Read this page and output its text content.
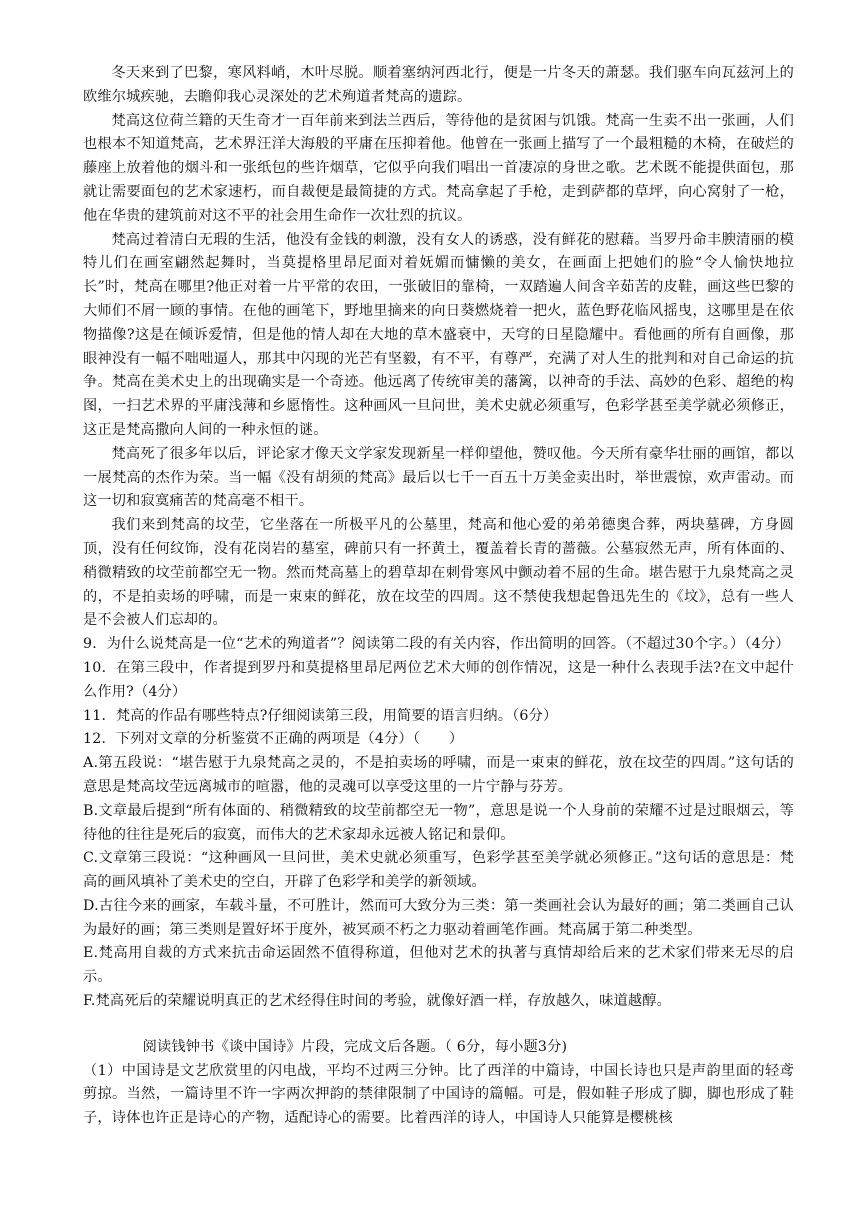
冬天来到了巴黎，寒风料峭，木叶尽脱。顺着塞纳河西北行，便是一片冬天的萧瑟。我们驱车向瓦兹河上的欧维尔城疾驰，去瞻仰我心灵深处的艺术殉道者梵高的遗踪。

梵高这位荷兰籍的天生奇才一百年前来到法兰西后，等待他的是贫困与饥饿。梵高一生卖不出一张画，人们也根本不知道梵高，艺术界汪洋大海般的平庸在压抑着他。他曾在一张画上描写了一个最粗糙的木椅，在破烂的藤座上放着他的烟斗和一张纸包的些许烟草，它似乎向我们唱出一首凄凉的身世之歌。艺术既不能提供面包，那就让需要面包的艺术家速朽，而自裁便是最简捷的方式。梵高拿起了手枪，走到萨都的草坪，向心窝射了一枪，他在华贵的建筑前对这不平的社会用生命作一次壮烈的抗议。

梵高过着清白无瑕的生活，他没有金钱的刺激，没有女人的诱惑，没有鲜花的慰藉。当罗丹命丰腴清丽的模特儿们在画室翩然起舞时，当莫提格里昂尼面对着妩媚而慵懒的美女，在画面上把她们的脸“令人愉快地拉长”时，梵高在哪里?他正对着一片平常的农田，一张破旧的靠椅，一双踏遍人间含辛茹苦的皮鞋，画这些巴黎的大师们不屑一顾的事情。在他的画笔下，野地里摘来的向日葵燃烧着一把火，蓝色野花临风摇曳，这哪里是在依物描像?这是在倾诉爱情，但是他的情人却在大地的草木盛衰中，天穹的日星隐耀中。看他画的所有自画像，那眼神没有一幅不咄咄逼人，那其中闪现的光芒有坚毅，有不平，有尊严，充满了对人生的批判和对自己命运的抗争。梵高在美术史上的出现确实是一个奇迹。他远离了传统审美的藩篱，以神奇的手法、高妙的色彩、超绝的构图，一扫艺术界的平庸浅薄和乡愿惰性。这种画风一旦问世，美术史就必须重写，色彩学甚至美学就必须修正，这正是梵高撒向人间的一种永恒的谜。

梵高死了很多年以后，评论家才像天文学家发现新星一样仰望他，赞叹他。今天所有豪华壮丽的画馆，都以一展梵高的杰作为荣。当一幅《没有胡须的梵高》最后以七千一百五十万美金卖出时，举世震惊，欢声雷动。而这一切和寂寞痛苦的梵高毫不相干。

我们来到梵高的坟茔，它坐落在一所极平凡的公墓里，梵高和他心爱的弟弟德奥合葬，两块墓碑，方身圆顶，没有任何纹饰，没有花岗岩的墓室，碑前只有一抔黄土，覆盖着长青的蔷薇。公墓寂然无声，所有体面的、稍微精致的坟茔前都空无一物。然而梵高墓上的碧草却在刺骨寒风中颤动着不屈的生命。堪告慰于九泉梵高之灵的，不是拍卖场的呼啸，而是一束束的鲜花，放在坟茔的四周。这不禁使我想起鲁迅先生的《坟》，总有一些人是不会被人们忘却的。

9．为什么说梵高是一位“艺术的殉道者”？阅读第二段的有关内容，作出简明的回答。（不超过30个字。）（4分）

10．在第三段中，作者提到罗丹和莫提格里昂尼两位艺术大师的创作情况，这是一种什么表现手法?在文中起什么作用?（4分）

11．梵高的作品有哪些特点?仔细阅读第三段，用简要的语言归纳。（6分）

12．下列对文章的分析鉴赏不正确的两项是（4分）（　　）

A.第五段说：“堪告慰于九泉梵高之灵的，不是拍卖场的呼啸，而是一束束的鲜花，放在坟茔的四周。”这句话的意思是梵高坟茔远离城市的喧嚣，他的灵魂可以享受这里的一片宁静与芬芳。

B.文章最后提到“所有体面的、稍微精致的坟茔前都空无一物”，意思是说一个人身前的荣耀不过是过眼烟云，等待他的往往是死后的寂寞，而伟大的艺术家却永远被人铭记和景仰。

C.文章第三段说：“这种画风一旦问世，美术史就必须重写，色彩学甚至美学就必须修正。”这句话的意思是：梵高的画风填补了美术史的空白，开辟了色彩学和美学的新领域。

D.古往今来的画家，车载斗量，不可胜计，然而可大致分为三类：第一类画社会认为最好的画；第二类画自己认为最好的画；第三类则是置好坏于度外，被冥顽不朽之力驱动着画笔作画。梵高属于第二种类型。

E.梵高用自裁的方式来抗击命运固然不值得称道，但他对艺术的执著与真情却给后来的艺术家们带来无尽的启示。

F.梵高死后的荣耀说明真正的艺术经得住时间的考验，就像好酒一样，存放越久，味道越醇。

阅读钱钟书《谈中国诗》片段，完成文后各题。（ 6分，每小题3分)

（1）中国诗是文艺欣赏里的闪电战，平均不过两三分钟。比了西洋的中篇诗，中国长诗也只是声韵里面的轻鸢剪掠。当然，一篇诗里不许一字两次押韵的禁律限制了中国诗的篇幅。可是，假如鞋子形成了脚，脚也形成了鞋子，诗体也许正是诗心的产物，适配诗心的需要。比着西洋的诗人，中国诗人只能算是樱桃核
